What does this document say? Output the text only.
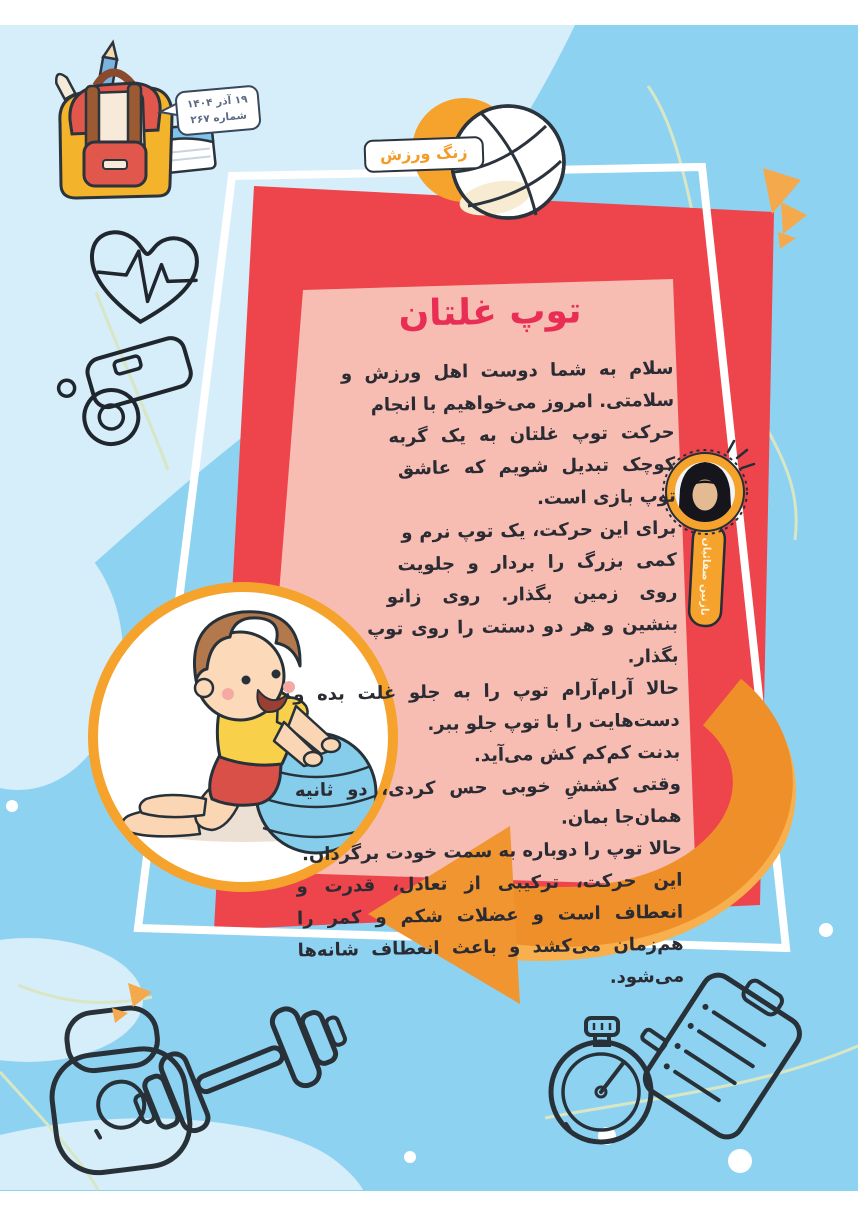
۱۹ آذر ۱۴۰۴
شماره ۲۶۷
زنگ ورزش
توپ غلتان

سلام به شما دوست اهل ورزش و سلامتی. امروز می‌خواهیم با انجام حرکت توپ غلتان به یک گربه کوچک تبدیل شویم که عاشق توپ بازی است.

برای این حرکت، یک توپ نرم و کمی بزرگ را بردار و جلویت روی زمین بگذار. روی زانو بنشین و هر دو دستت را روی توپ بگذار.

حالا آرام‌آرام توپ را به جلو غلت بده و دست‌هایت را با توپ جلو ببر.

بدنت کم‌کم کش می‌آید.

وقتی کششِ خوبی حس کردی، دو ثانیه همان‌جا بمان.

حالا توپ را دوباره به سمت خودت برگردان.

این حرکت، ترکیبی از تعادل، قدرت و انعطاف است و عضلات شکم و کمر را هم‌زمان می‌کشد و باعث انعطاف شانه‌ها می‌شود.

نازنین صفائیان
